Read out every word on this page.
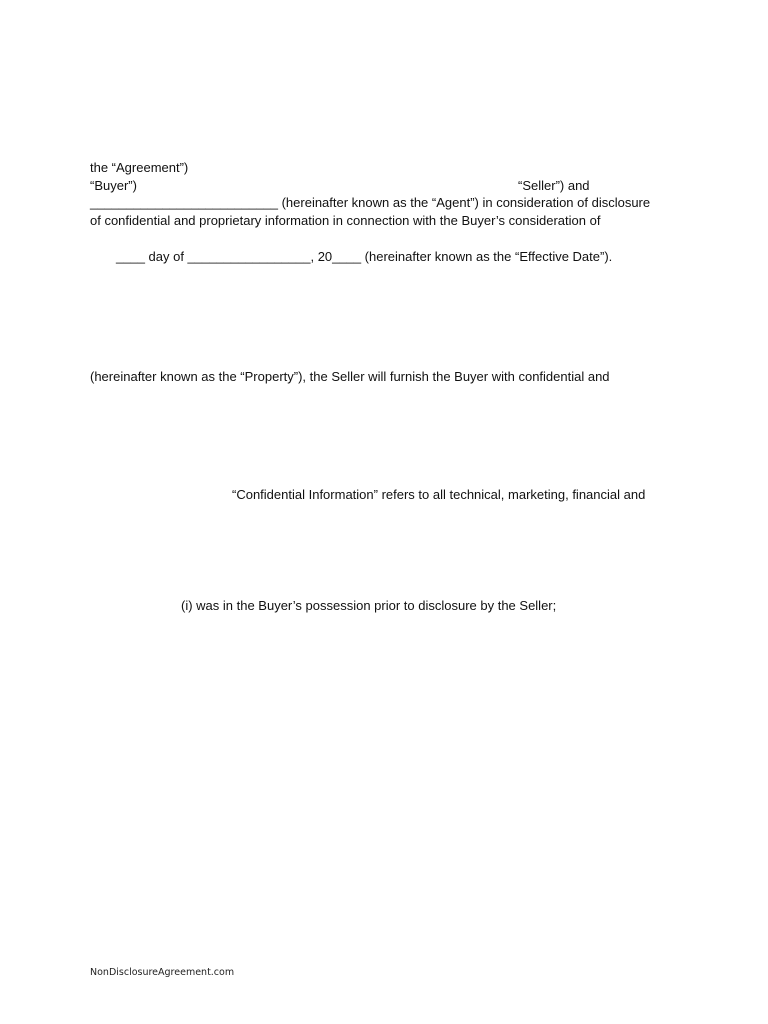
the “Agreement”)
“Buyer”)	“Seller”) and
__________________________ (hereinafter known as the “Agent”) in consideration of disclosure
of confidential and proprietary information in connection with the Buyer’s consideration of
____ day of _________________, 20____ (hereinafter known as the “Effective Date”).
(hereinafter known as the “Property”), the Seller will furnish the Buyer with confidential and
“Confidential Information” refers to all technical, marketing, financial and
(i) was in the Buyer’s possession prior to disclosure by the Seller;
NonDisclosureAgreement.com
